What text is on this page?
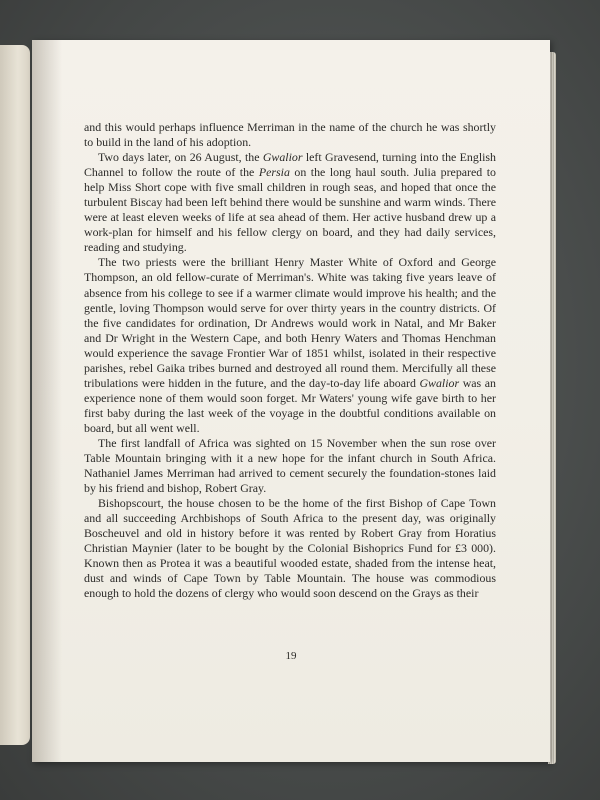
and this would perhaps influence Merriman in the name of the church he was shortly to build in the land of his adoption.

Two days later, on 26 August, the Gwalior left Gravesend, turning into the English Channel to follow the route of the Persia on the long haul south. Julia prepared to help Miss Short cope with five small children in rough seas, and hoped that once the turbulent Biscay had been left behind there would be sunshine and warm winds. There were at least eleven weeks of life at sea ahead of them. Her active husband drew up a work-plan for himself and his fellow clergy on board, and they had daily services, reading and studying.

The two priests were the brilliant Henry Master White of Oxford and George Thompson, an old fellow-curate of Merriman's. White was taking five years leave of absence from his college to see if a warmer climate would improve his health; and the gentle, loving Thompson would serve for over thirty years in the country districts. Of the five candidates for ordination, Dr Andrews would work in Natal, and Mr Baker and Dr Wright in the Western Cape, and both Henry Waters and Thomas Henchman would experience the savage Frontier War of 1851 whilst, isolated in their respective parishes, rebel Gaika tribes burned and destroyed all round them. Mercifully all these tribulations were hidden in the future, and the day-to-day life aboard Gwalior was an experience none of them would soon forget. Mr Waters' young wife gave birth to her first baby during the last week of the voyage in the doubtful conditions available on board, but all went well.

The first landfall of Africa was sighted on 15 November when the sun rose over Table Mountain bringing with it a new hope for the infant church in South Africa. Nathaniel James Merriman had arrived to cement securely the foundation-stones laid by his friend and bishop, Robert Gray.

Bishopscourt, the house chosen to be the home of the first Bishop of Cape Town and all succeeding Archbishops of South Africa to the present day, was originally Boscheuvel and old in history before it was rented by Robert Gray from Horatius Christian Maynier (later to be bought by the Colonial Bishoprics Fund for £3 000). Known then as Protea it was a beautiful wooded estate, shaded from the intense heat, dust and winds of Cape Town by Table Mountain. The house was commodious enough to hold the dozens of clergy who would soon descend on the Grays as their

19
